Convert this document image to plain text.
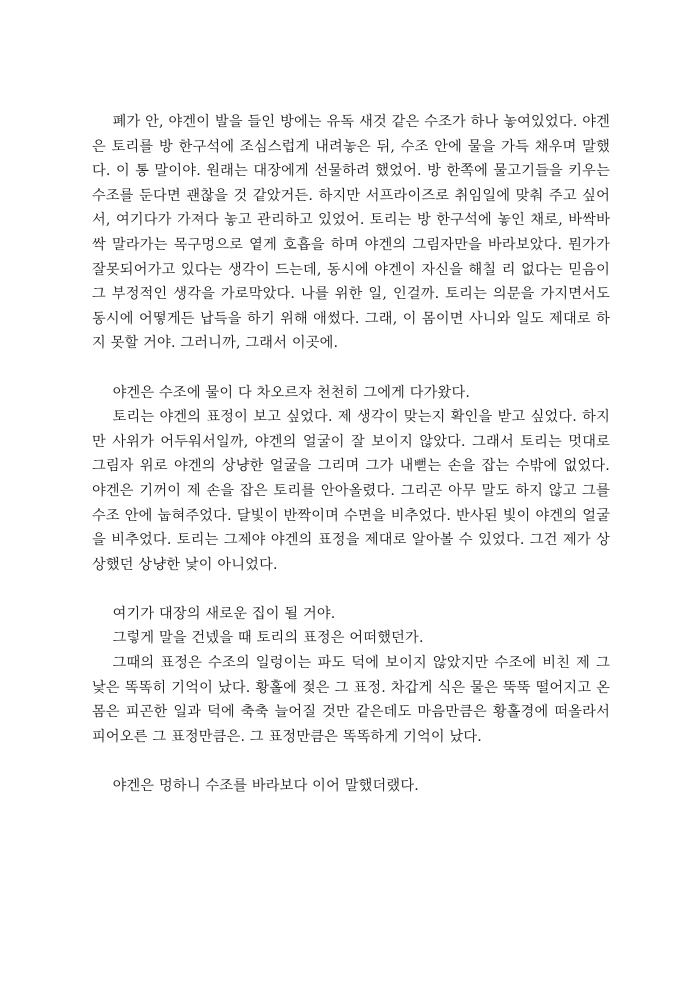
폐가 안, 야겐이 발을 들인 방에는 유독 새것 같은 수조가 하나 놓여있었다. 야겐은 토리를 방 한구석에 조심스럽게 내려놓은 뒤, 수조 안에 물을 가득 채우며 말했다. 이 통 말이야. 원래는 대장에게 선물하려 했었어. 방 한쪽에 물고기들을 키우는 수조를 둔다면 괜찮을 것 같았거든. 하지만 서프라이즈로 취임일에 맞춰 주고 싶어서, 여기다가 가져다 놓고 관리하고 있었어. 토리는 방 한구석에 놓인 채로, 바싹바싹 말라가는 목구멍으로 옅게 호흡을 하며 야겐의 그림자만을 바라보았다. 뭔가가 잘못되어가고 있다는 생각이 드는데, 동시에 야겐이 자신을 해칠 리 없다는 믿음이 그 부정적인 생각을 가로막았다. 나를 위한 일, 인걸까. 토리는 의문을 가지면서도 동시에 어떻게든 납득을 하기 위해 애썼다. 그래, 이 몸이면 사니와 일도 제대로 하지 못할 거야. 그러니까, 그래서 이곳에.

야겐은 수조에 물이 다 차오르자 천천히 그에게 다가왔다.

토리는 야겐의 표정이 보고 싶었다. 제 생각이 맞는지 확인을 받고 싶었다. 하지만 사위가 어두워서일까, 야겐의 얼굴이 잘 보이지 않았다. 그래서 토리는 멋대로 그림자 위로 야겐의 상냥한 얼굴을 그리며 그가 내뻗는 손을 잡는 수밖에 없었다. 야겐은 기꺼이 제 손을 잡은 토리를 안아올렸다. 그리곤 아무 말도 하지 않고 그를 수조 안에 눕혀주었다. 달빛이 반짝이며 수면을 비추었다. 반사된 빛이 야겐의 얼굴을 비추었다. 토리는 그제야 야겐의 표정을 제대로 알아볼 수 있었다. 그건 제가 상상했던 상냥한 낯이 아니었다.

여기가 대장의 새로운 집이 될 거야.

그렇게 말을 건넸을 때 토리의 표정은 어떠했던가.

그때의 표정은 수조의 일렁이는 파도 덕에 보이지 않았지만 수조에 비친 제 그 낯은 똑똑히 기억이 났다. 황홀에 젖은 그 표정. 차갑게 식은 물은 뚝뚝 떨어지고 온몸은 피곤한 일과 덕에 축축 늘어질 것만 같은데도 마음만큼은 황홀경에 떠올라서 피어오른 그 표정만큼은. 그 표정만큼은 똑똑하게 기억이 났다.

야겐은 멍하니 수조를 바라보다 이어 말했더랬다.
